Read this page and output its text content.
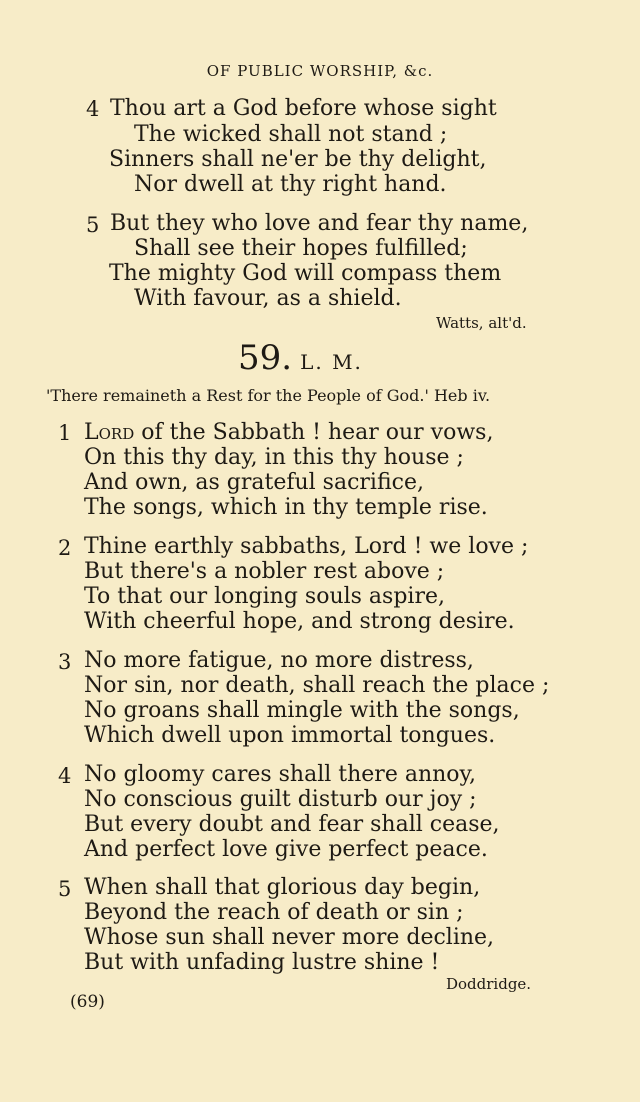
OF PUBLIC WORSHIP, &c.
4 Thou art a God before whose sight
The wicked shall not stand ;
Sinners shall ne'er be thy delight,
Nor dwell at thy right hand.
5 But they who love and fear thy name,
Shall see their hopes fulfilled;
The mighty God will compass them
With favour, as a shield.
Watts, alt'd.
59. L. M.
'There remaineth a Rest for the People of God.' Heb iv.
1 Lord of the Sabbath ! hear our vows,
On this thy day, in this thy house ;
And own, as grateful sacrifice,
The songs, which in thy temple rise.
2 Thine earthly sabbaths, Lord ! we love ;
But there's a nobler rest above ;
To that our longing souls aspire,
With cheerful hope, and strong desire.
3 No more fatigue, no more distress,
Nor sin, nor death, shall reach the place ;
No groans shall mingle with the songs,
Which dwell upon immortal tongues.
4 No gloomy cares shall there annoy,
No conscious guilt disturb our joy ;
But every doubt and fear shall cease,
And perfect love give perfect peace.
5 When shall that glorious day begin,
Beyond the reach of death or sin ;
Whose sun shall never more decline,
But with unfading lustre shine !
Doddridge.
(69)
